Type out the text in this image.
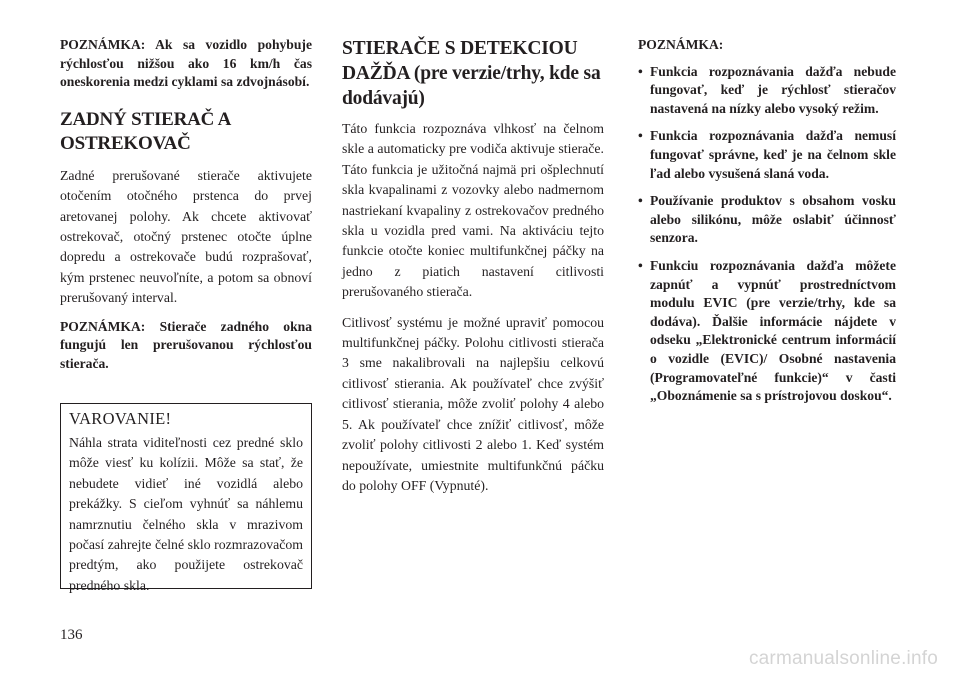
POZNÁMKA: Ak sa vozidlo pohybuje rýchlosťou nižšou ako 16 km/h čas oneskorenia medzi cyklami sa zdvojnásobí.

ZADNÝ STIERAČ A OSTREKOVAČ

Zadné prerušované stierače aktivujete otočením otočného prstenca do prvej aretovanej polohy. Ak chcete aktivovať ostrekovač, otočný prstenec otočte úplne dopredu a ostrekovače budú rozprašovať, kým prstenec neuvoľníte, a potom sa obnoví prerušovaný interval.

POZNÁMKA: Stierače zadného okna fungujú len prerušovanou rýchlosťou stierača.

VAROVANIE!

Náhla strata viditeľnosti cez predné sklo môže viesť ku kolízii. Môže sa stať, že nebudete vidieť iné vozidlá alebo prekážky. S cieľom vyhnúť sa náhlemu namrznutiu čelného skla v mrazivom počasí zahrejte čelné sklo rozmrazovačom predtým, ako použijete ostrekovač predného skla.

STIERAČE S DETEKCIOU DAŽĎA (pre verzie/trhy, kde sa dodávajú)

Táto funkcia rozpoznáva vlhkosť na čelnom skle a automaticky pre vodiča aktivuje stierače. Táto funkcia je užitočná najmä pri ošplechnutí skla kvapalinami z vozovky alebo nadmernom nastriekaní kvapaliny z ostrekovačov predného skla u vozidla pred vami. Na aktiváciu tejto funkcie otočte koniec multifunkčnej páčky na jedno z piatich nastavení citlivosti prerušovaného stierača.

Citlivosť systému je možné upraviť pomocou multifunkčnej páčky. Polohu citlivosti stierača 3 sme nakalibrovali na najlepšiu celkovú citlivosť stierania. Ak používateľ chce zvýšiť citlivosť stierania, môže zvoliť polohy 4 alebo 5. Ak používateľ chce znížiť citlivosť, môže zvoliť polohy citlivosti 2 alebo 1. Keď systém nepoužívate, umiestnite multifunkčnú páčku do polohy OFF (Vypnuté).

POZNÁMKA:

• Funkcia rozpoznávania dažďa nebude fungovať, keď je rýchlosť stieračov nastavená na nízky alebo vysoký režim.
• Funkcia rozpoznávania dažďa nemusí fungovať správne, keď je na čelnom skle ľad alebo vysušená slaná voda.
• Používanie produktov s obsahom vosku alebo silikónu, môže oslabiť účinnosť senzora.
• Funkciu rozpoznávania dažďa môžete zapnúť a vypnúť prostredníctvom modulu EVIC (pre verzie/trhy, kde sa dodáva). Ďalšie informácie nájdete v odseku „Elektronické centrum informácií o vozidle (EVIC)/ Osobné nastavenia (Programovateľné funkcie)“ v časti „Oboznámenie sa s prístrojovou doskou“.

136

carmanualsonline.info
